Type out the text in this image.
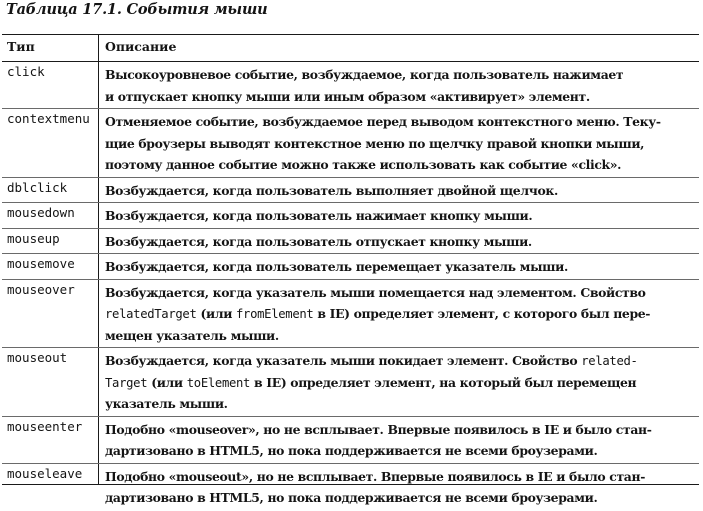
Таблица 17.1. События мыши
Тип	Описание
click	Высокоуровневое событие, возбуждаемое, когда пользователь нажимает
и отпускает кнопку мыши или иным образом «активирует» элемент.
contextmenu Отменяемое событие, возбуждаемое перед выводом контекстного меню. Теку-
щие броузеры выводят контекстное меню по щелчку правой кнопки мыши,
поэтому данное событие можно также использовать как событие «click».
dblclick	Возбуждается, когда пользователь выполняет двойной щелчок.
mousedown Возбуждается, когда пользователь нажимает кнопку мыши.
mouseup	Возбуждается, когда пользователь отпускает кнопку мыши.
mousemove Возбуждается, когда пользователь перемещает указатель мыши.
mouseover Возбуждается, когда указатель мыши помещается над элементом. Свойство
relatedTarget (или fromElement в IE) определяет элемент, с которого был пере-
мещен указатель мыши.
mouseout	Возбуждается, когда указатель мыши покидает элемент. Свойство related-
Target (или toElement в IE) определяет элемент, на который был перемещен
указатель мыши.
mouseenter Подобно «mouseover», но не всплывает. Впервые появилось в IE и было стан-
дартизовано в HTML5, но пока поддерживается не всеми броузерами.
mouseleave Подобно «mouseout», но не всплывает. Впервые появилось в IE и было стан-
дартизовано в HTML5, но пока поддерживается не всеми броузерами.
